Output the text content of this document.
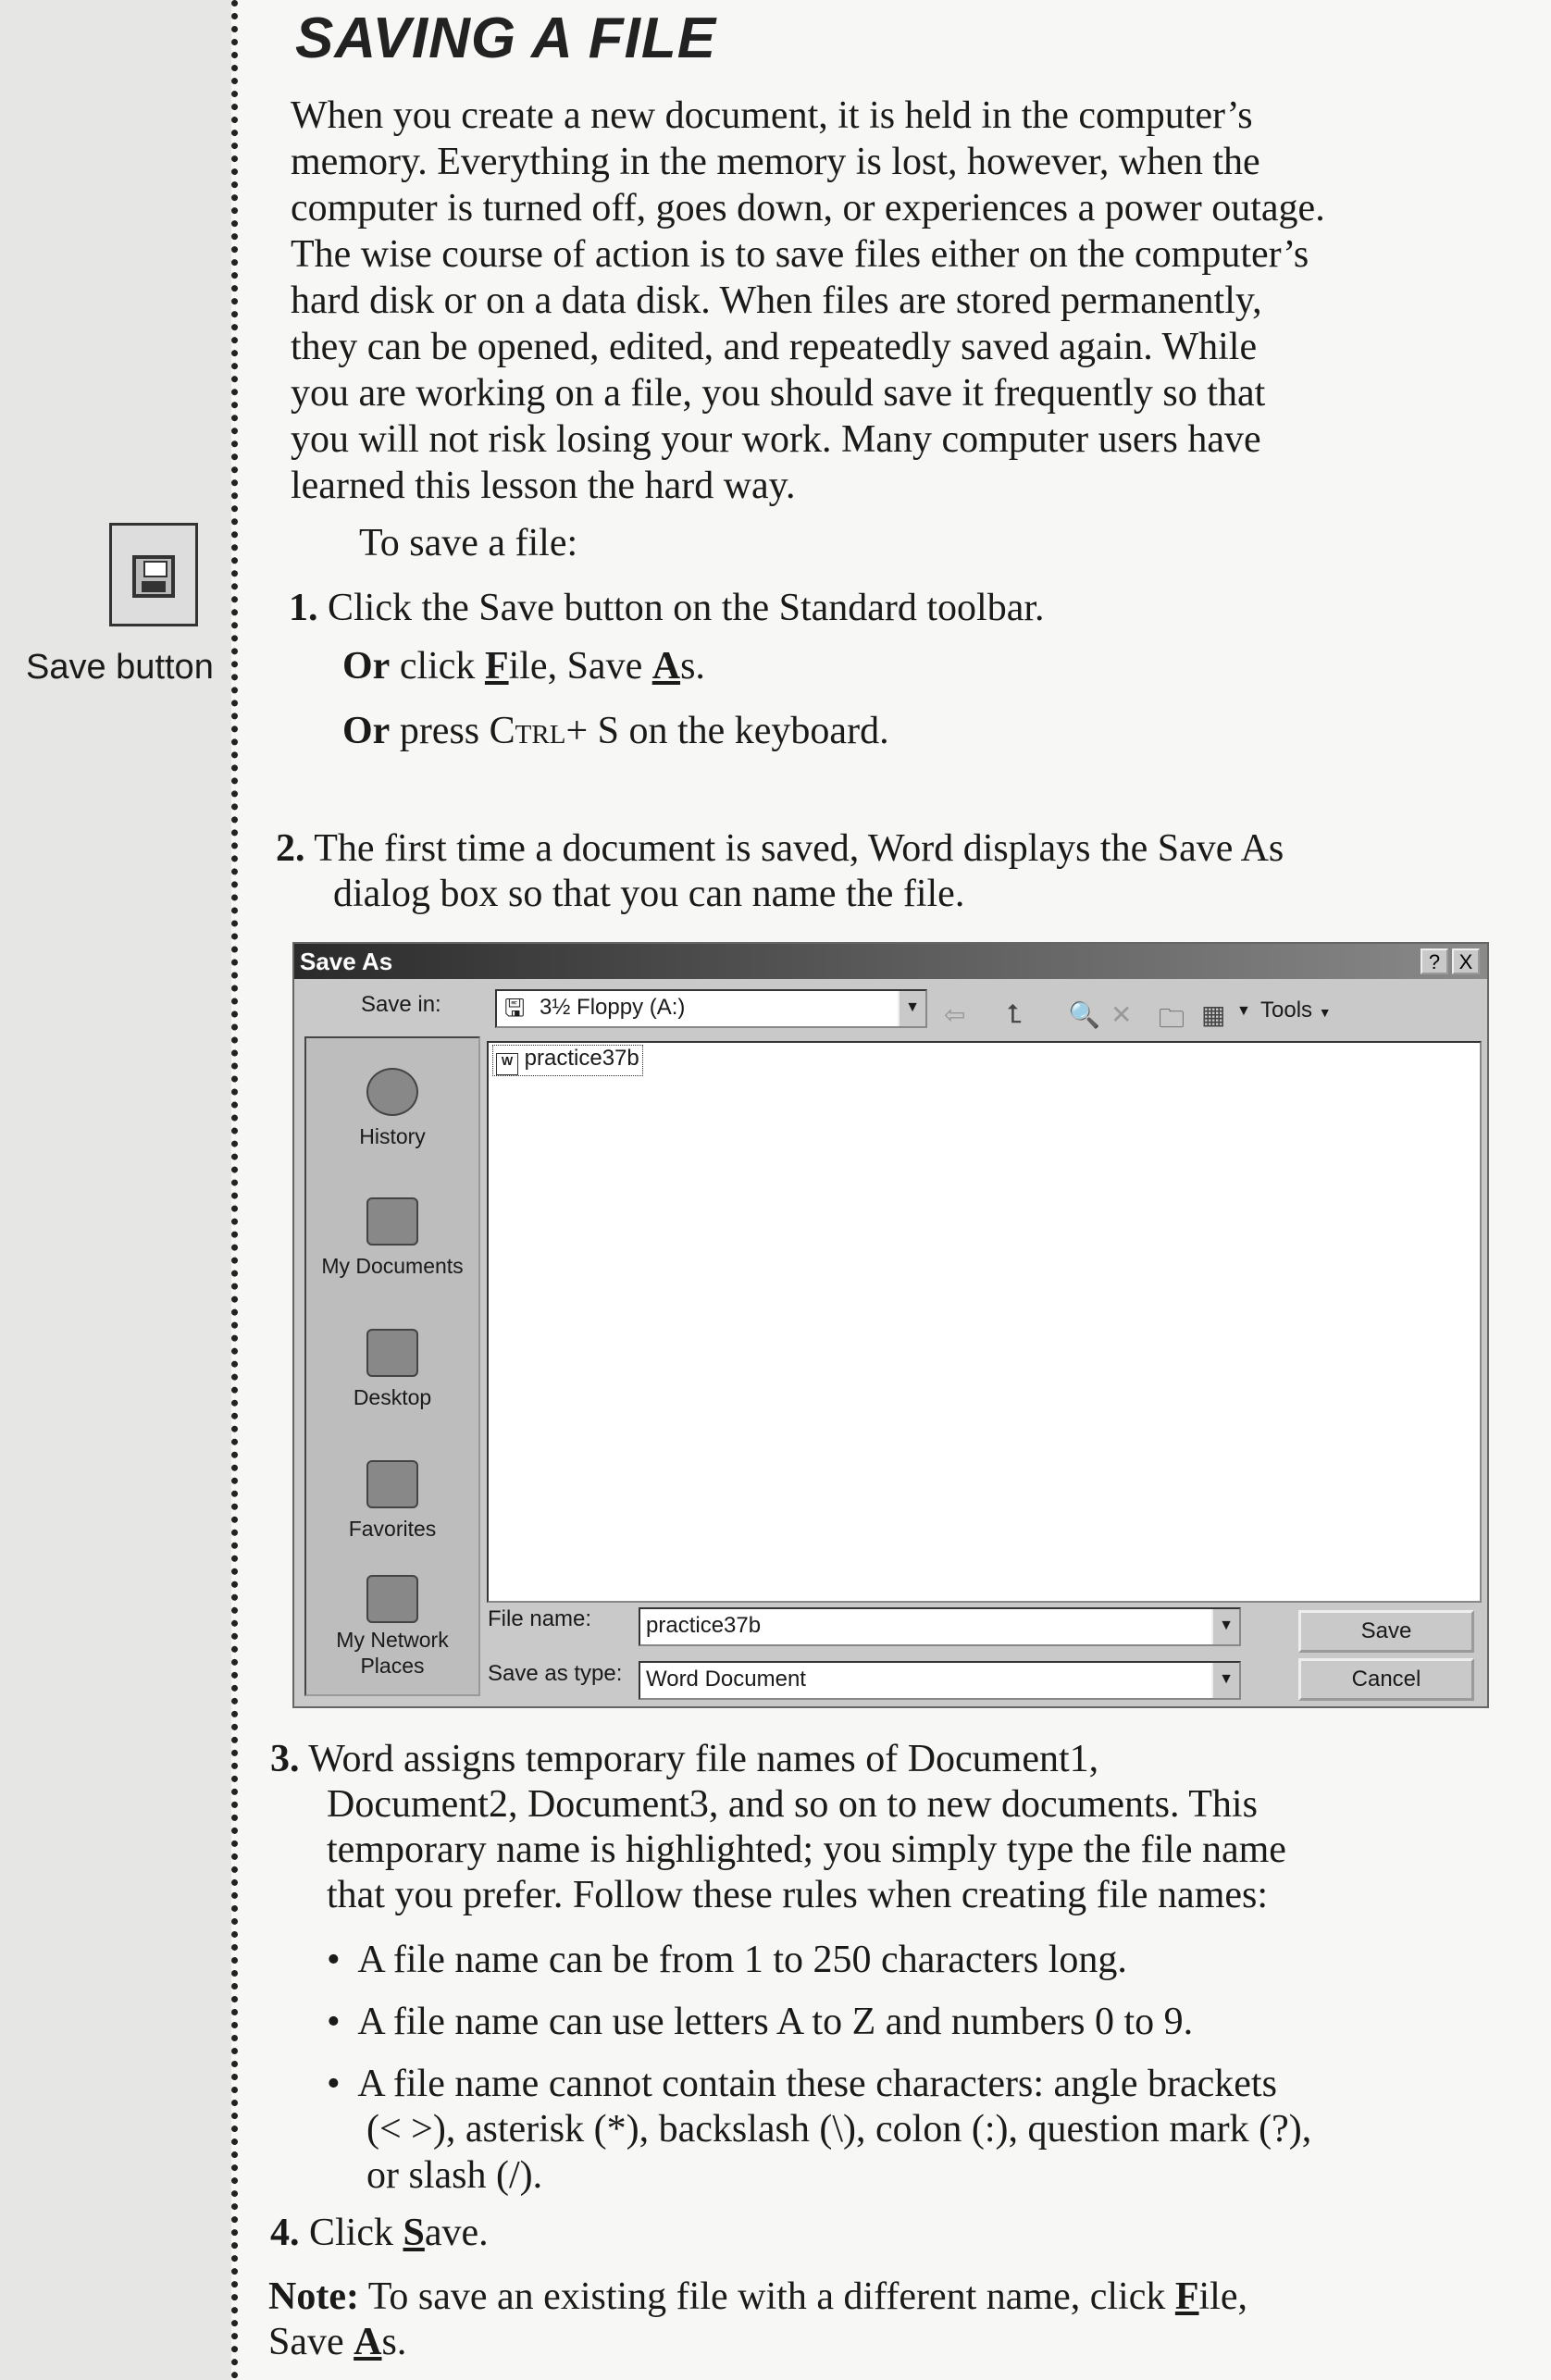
SAVING A FILE
When you create a new document, it is held in the computer’s
memory. Everything in the memory is lost, however, when the
computer is turned off, goes down, or experiences a power outage.
The wise course of action is to save files either on the computer’s
hard disk or on a data disk. When files are stored permanently,
they can be opened, edited, and repeatedly saved again. While
you are working on a file, you should save it frequently so that
you will not risk losing your work. Many computer users have
learned this lesson the hard way.
Save button
To save a file:
1. Click the Save button on the Standard toolbar.
Or click File, Save As.
Or press Ctrl+ S on the keyboard.
2. The first time a document is saved, Word displays the Save As
dialog box so that you can name the file.
Save As	? X
Save in:	🖫 3½ Floppy (A:)	▼ ⇦ ⮤ 🔍 ✕ 🗀 ▦ ▼ Tools ▼
History
My Documents
Desktop
Favorites
My Network
Places
W practice37b
File name:	practice37b	▼
Save as type:	Word Document	▼
Save
Cancel
3. Word assigns temporary file names of Document1,
Document2, Document3, and so on to new documents. This
temporary name is highlighted; you simply type the file name
that you prefer. Follow these rules when creating file names:
•  A file name can be from 1 to 250 characters long.
•  A file name can use letters A to Z and numbers 0 to 9.
•  A file name cannot contain these characters: angle brackets
(< >), asterisk (*), backslash (\), colon (:), question mark (?),
or slash (/).
4. Click Save.
Note: To save an existing file with a different name, click File,
Save As.
